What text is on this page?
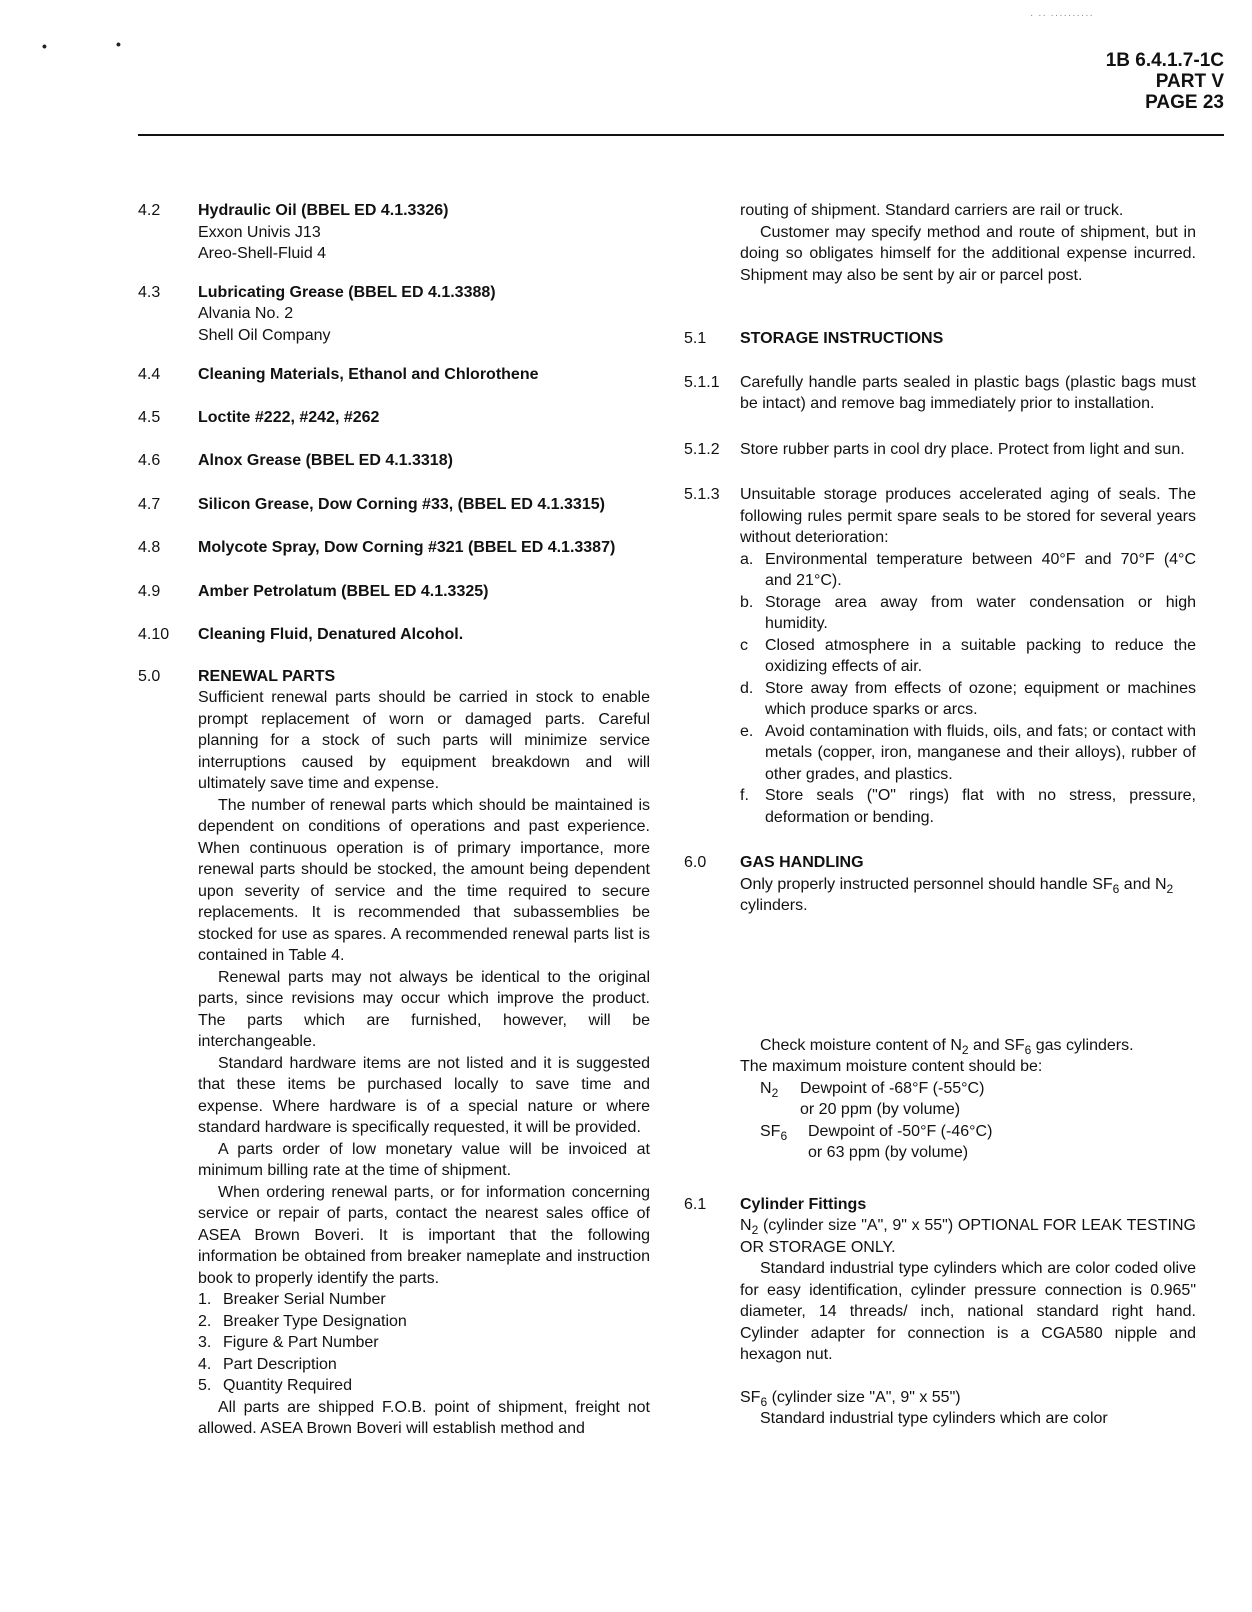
•	•
· ·· ··········
1B 6.4.1.7-1C
PART V
PAGE 23
4.2	Hydraulic Oil (BBEL ED 4.1.3326)
Exxon Univis J13
Areo-Shell-Fluid 4
4.3	Lubricating Grease (BBEL ED 4.1.3388)
Alvania No. 2
Shell Oil Company
4.4	Cleaning Materials, Ethanol and Chlorothene
4.5	Loctite #222, #242, #262
4.6	Alnox Grease (BBEL ED 4.1.3318)
4.7	Silicon Grease, Dow Corning #33, (BBEL ED 4.1.3315)
4.8	Molycote Spray, Dow Corning #321 (BBEL ED 4.1.3387)
4.9	Amber Petrolatum (BBEL ED 4.1.3325)
4.10	Cleaning Fluid, Denatured Alcohol.
5.0	RENEWAL PARTS

Sufficient renewal parts should be carried in stock to enable prompt replacement of worn or damaged parts. Careful planning for a stock of such parts will minimize service interruptions caused by equipment breakdown and will ultimately save time and expense.

The number of renewal parts which should be maintained is dependent on conditions of operations and past experience. When continuous operation is of primary importance, more renewal parts should be stocked, the amount being dependent upon severity of service and the time required to secure replacements. It is recommended that subassemblies be stocked for use as spares. A recommended renewal parts list is contained in Table 4.

Renewal parts may not always be identical to the original parts, since revisions may occur which improve the product. The parts which are furnished, however, will be interchangeable.

Standard hardware items are not listed and it is suggested that these items be purchased locally to save time and expense. Where hardware is of a special nature or where standard hardware is specifically requested, it will be provided.

A parts order of low monetary value will be invoiced at minimum billing rate at the time of shipment.

When ordering renewal parts, or for information concerning service or repair of parts, contact the nearest sales office of ASEA Brown Boveri. It is important that the following information be obtained from breaker nameplate and instruction book to properly identify the parts.

1. Breaker Serial Number
2. Breaker Type Designation
3. Figure & Part Number
4. Part Description
5. Quantity Required

All parts are shipped F.O.B. point of shipment, freight not allowed. ASEA Brown Boveri will establish method and

routing of shipment. Standard carriers are rail or truck.

Customer may specify method and route of shipment, but in doing so obligates himself for the additional expense incurred. Shipment may also be sent by air or parcel post.

5.1	STORAGE INSTRUCTIONS
5.1.1	Carefully handle parts sealed in plastic bags (plastic bags must be intact) and remove bag immediately prior to installation.

5.1.2	Store rubber parts in cool dry place. Protect from light and sun.

5.1.3	Unsuitable storage produces accelerated aging of seals. The following rules permit spare seals to be stored for several years without deterioration:

a. Environmental temperature between 40°F and 70°F (4°C and 21°C).

b. Storage area away from water condensation or high humidity.

c Closed atmosphere in a suitable packing to reduce the oxidizing effects of air.

d. Store away from effects of ozone; equipment or machines which produce sparks or arcs.

e. Avoid contamination with fluids, oils, and fats; or contact with metals (copper, iron, manganese and their alloys), rubber of other grades, and plastics.

f. Store seals ("O" rings) flat with no stress, pressure, deformation or bending.

6.0	GAS HANDLING
Only properly instructed personnel should handle $SF_6$ and $N_2$ cylinders.
Check moisture content of $N_2$ and $SF_6$ gas cylinders.
The maximum moisture content should be:
$N_2$ Dewpoint of -68°F (-55°C)
or 20 ppm (by volume)
$SF_6$ Dewpoint of -50°F (-46°C)
or 63 ppm (by volume)
6.1	Cylinder Fittings

$N_2$ (cylinder size "A", 9" x 55") OPTIONAL FOR LEAK TESTING OR STORAGE ONLY.

Standard industrial type cylinders which are color coded olive for easy identification, cylinder pressure connection is 0.965" diameter, 14 threads/ inch, national standard right hand. Cylinder adapter for connection is a CGA580 nipple and hexagon nut.

$SF_6$ (cylinder size "A", 9" x 55")

Standard industrial type cylinders which are color
